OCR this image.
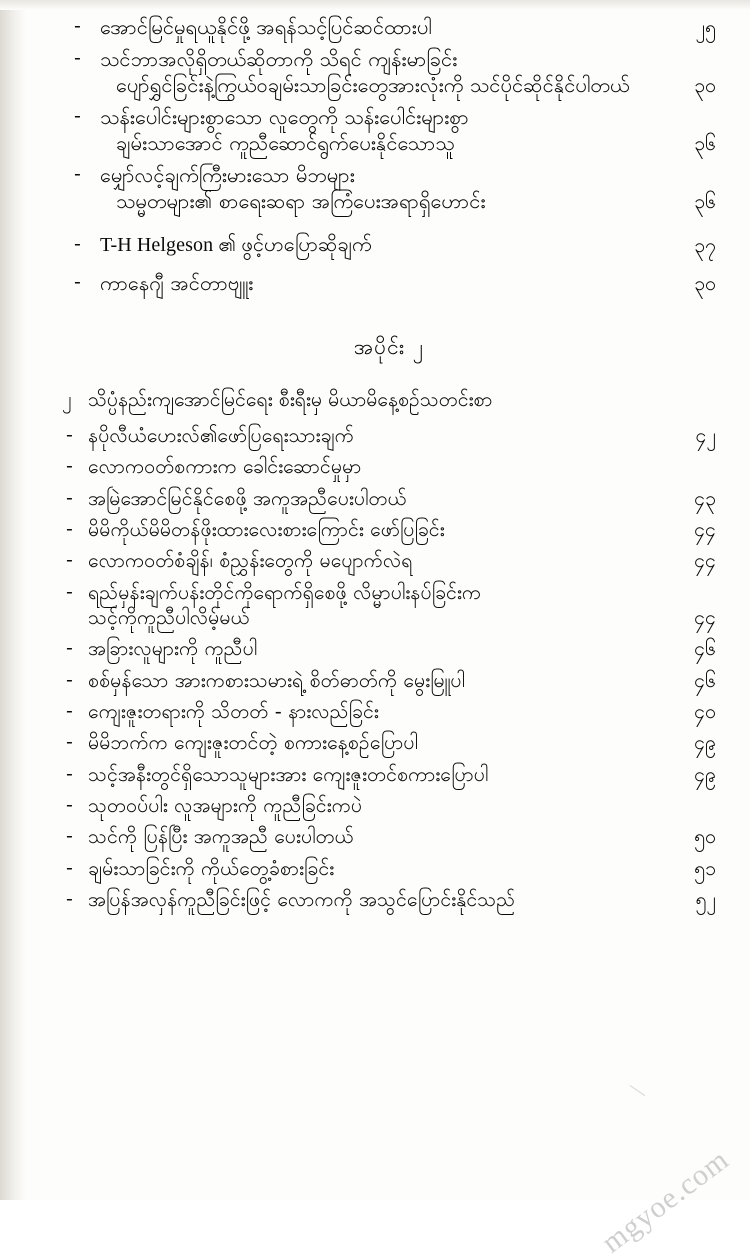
- အောင်မြင်မှုရယူနိုင်ဖို့ အရန်သင့်ပြင်ဆင်ထားပါ	၂၅
- သင်ဘာအလိုရှိတယ်ဆိုတာကို သိရင် ကျန်းမာခြင်း
ပျော်ရွှင်ခြင်းနဲ့ကြွယ်ဝချမ်းသာခြင်းတွေအားလုံးကို သင်ပိုင်ဆိုင်နိုင်ပါတယ်	၃၀
- သန်းပေါင်းများစွာသော လူတွေကို သန်းပေါင်းများစွာ
ချမ်းသာအောင် ကူညီဆောင်ရွက်ပေးနိုင်သောသူ	၃၆
- မျှော်လင့်ချက်ကြီးမားသော မိဘများ
သမ္မတများ၏ စာရေးဆရာ အကြံပေးအရာရှိဟောင်း	၃၆
- T-H Helgeson ၏ ဖွင့်ဟပြောဆိုချက်	၃၇
- ကာနေဂျီ အင်တာဗျူး	၃၀
အပိုင်း ၂
၂ သိပ္ပံနည်းကျအောင်မြင်ရေး စီးရီးမှ မိယာမိနေ့စဉ်သတင်းစာ
- နပိုလီယံဟေးလ်၏ဖော်ပြရေးသားချက်	၄၂
- လောကဝတ်စကားက ခေါင်းဆောင်မှုမှာ
- အမြဲအောင်မြင်နိုင်စေဖို့ အကူအညီပေးပါတယ်	၄၃
- မိမိကိုယ်မိမိတန်ဖိုးထားလေးစားကြောင်း ဖော်ပြခြင်း	၄၄
- လောကဝတ်စံချိန်၊ စံညွှန်းတွေကို မပျောက်လဲရ	၄၄
- ရည်မှန်းချက်ပန်းတိုင်ကိုရောက်ရှိစေဖို့ လိမ္မာပါးနပ်ခြင်းက
သင့်ကိုကူညီပါလိမ့်မယ်	၄၄
- အခြားလူများကို ကူညီပါ	၄၆
- စစ်မှန်သော အားကစားသမားရဲ့ စိတ်ဓာတ်ကို မွေးမြူပါ	၄၆
- ကျေးဇူးတရားကို သိတတ် - နားလည်ခြင်း	၄၀
- မိမိဘက်က ကျေးဇူးတင်တဲ့ စကားနေ့စဉ်ပြောပါ	၄၉
- သင့်အနီးတွင်ရှိသောသူများအား ကျေးဇူးတင်စကားပြောပါ	၄၉
- သုတဝပ်ပါး လူအများကို ကူညီခြင်းကပဲ
- သင်ကို ပြန်ပြီး အကူအညီ ပေးပါတယ်	၅၀
- ချမ်းသာခြင်းကို ကိုယ်တွေ့ခံစားခြင်း	၅၁
- အပြန်အလှန်ကူညီခြင်းဖြင့် လောကကို အသွင်ပြောင်းနိုင်သည်	၅၂
mgyoe.com
\
